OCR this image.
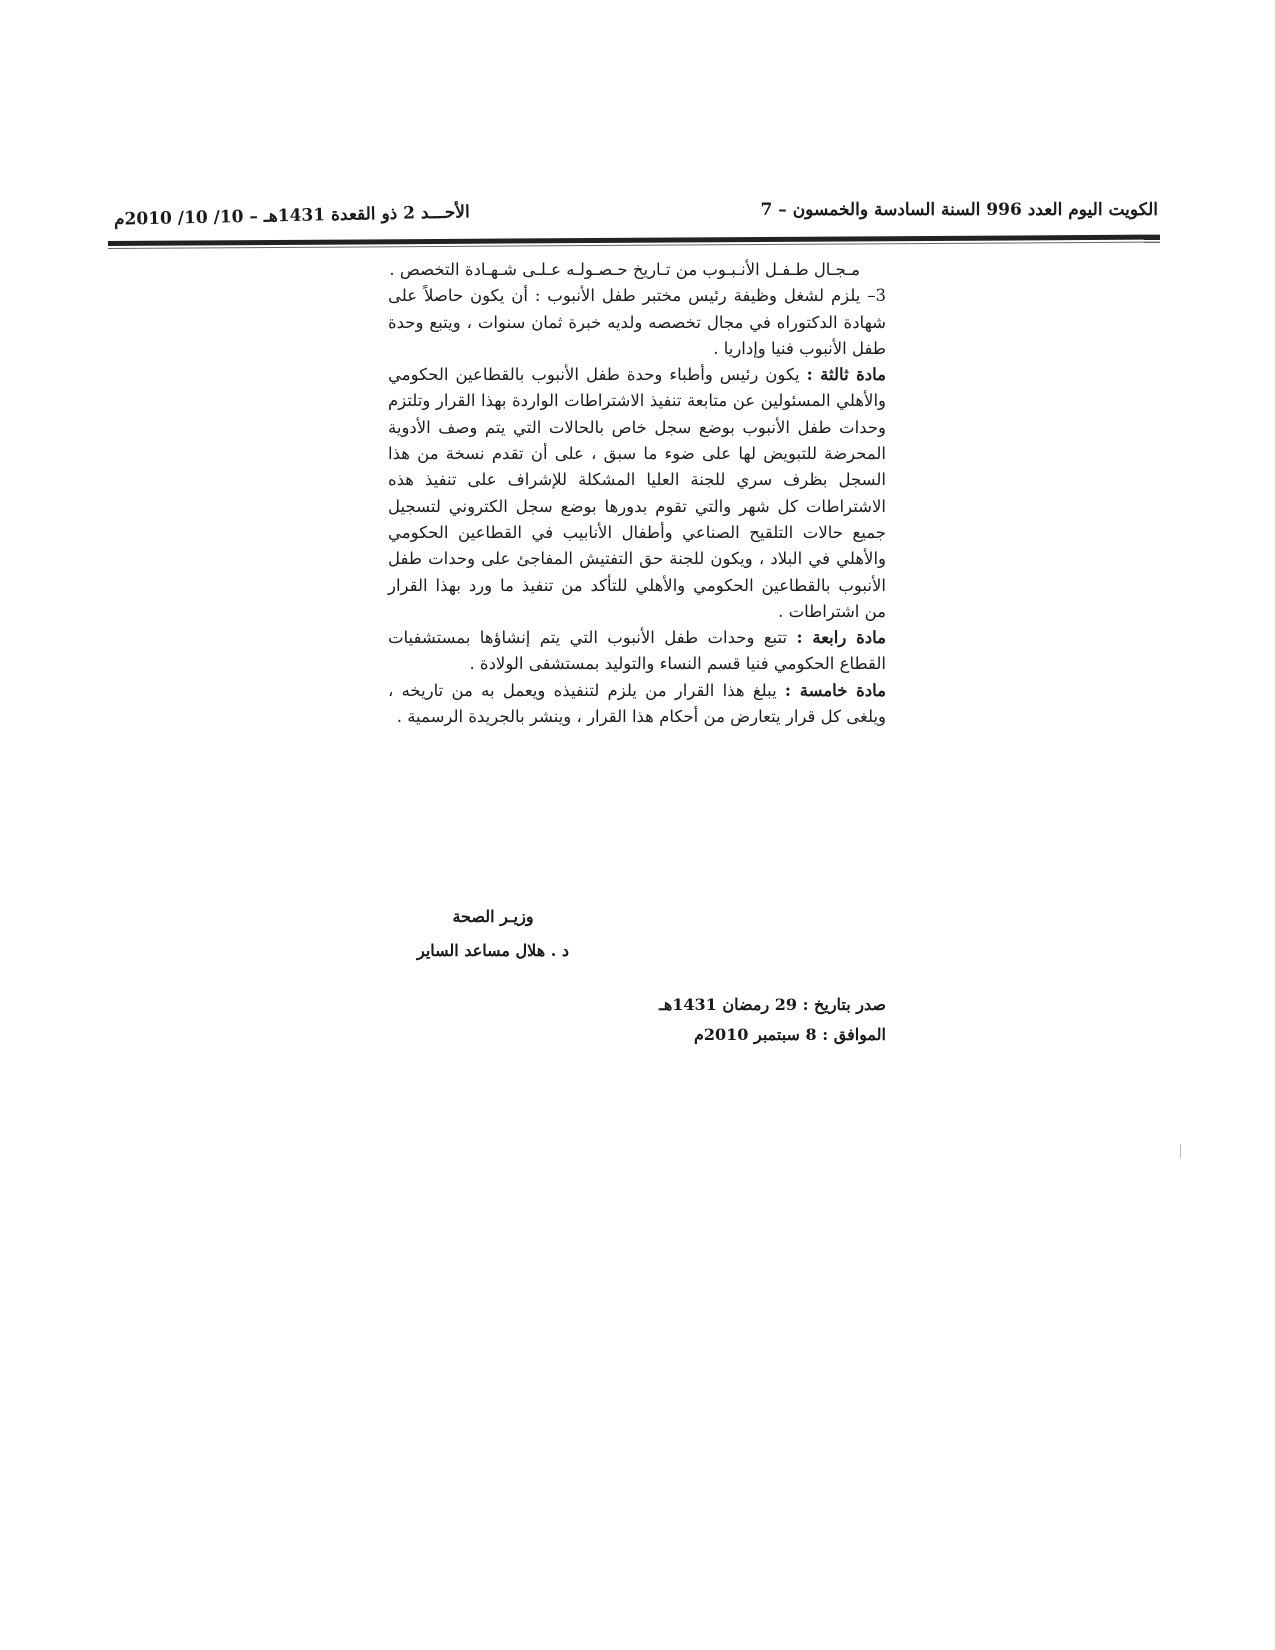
الكويت اليوم العدد 996 السنة السادسة والخمسون – 7
الأحـــد 2 ذو القعدة 1431هـ – 10/ 10/ 2010م

مـجـال طـفـل الأنـبـوب من تـاريخ حـصـولـه عـلـى شـهـادة التخصص .

3– يلزم لشغل وظيفة رئيس مختبر طفل الأنبوب : أن يكون حاصلاً على شهادة الدكتوراه في مجال تخصصه ولديه خبرة ثمان سنوات ، ويتبع وحدة طفل الأنبوب فنيا وإداريا .

مادة ثالثة : يكون رئيس وأطباء وحدة طفل الأنبوب بالقطاعين الحكومي والأهلي المسئولين عن متابعة تنفيذ الاشتراطات الواردة بهذا القرار وتلتزم وحدات طفل الأنبوب بوضع سجل خاص بالحالات التي يتم وصف الأدوية المحرضة للتبويض لها على ضوء ما سبق ، على أن تقدم نسخة من هذا السجل بظرف سري للجنة العليا المشكلة للإشراف على تنفيذ هذه الاشتراطات كل شهر والتي تقوم بدورها بوضع سجل الكتروني لتسجيل جميع حالات التلقيح الصناعي وأطفال الأنابيب في القطاعين الحكومي والأهلي في البلاد ، ويكون للجنة حق التفتيش المفاجئ على وحدات طفل الأنبوب بالقطاعين الحكومي والأهلي للتأكد من تنفيذ ما ورد بهذا القرار من اشتراطات .

مادة رابعة : تتبع وحدات طفل الأنبوب التي يتم إنشاؤها بمستشفيات القطاع الحكومي فنيا قسم النساء والتوليد بمستشفى الولادة .

مادة خامسة : يبلغ هذا القرار من يلزم لتنفيذه ويعمل به من تاريخه ، ويلغى كل قرار يتعارض من أحكام هذا القرار ، وينشر بالجريدة الرسمية .

وزيـر الصحة
د . هلال مساعد الساير
صدر بتاريخ : 29 رمضان 1431هـ
الموافق : 8 سبتمبر 2010م
